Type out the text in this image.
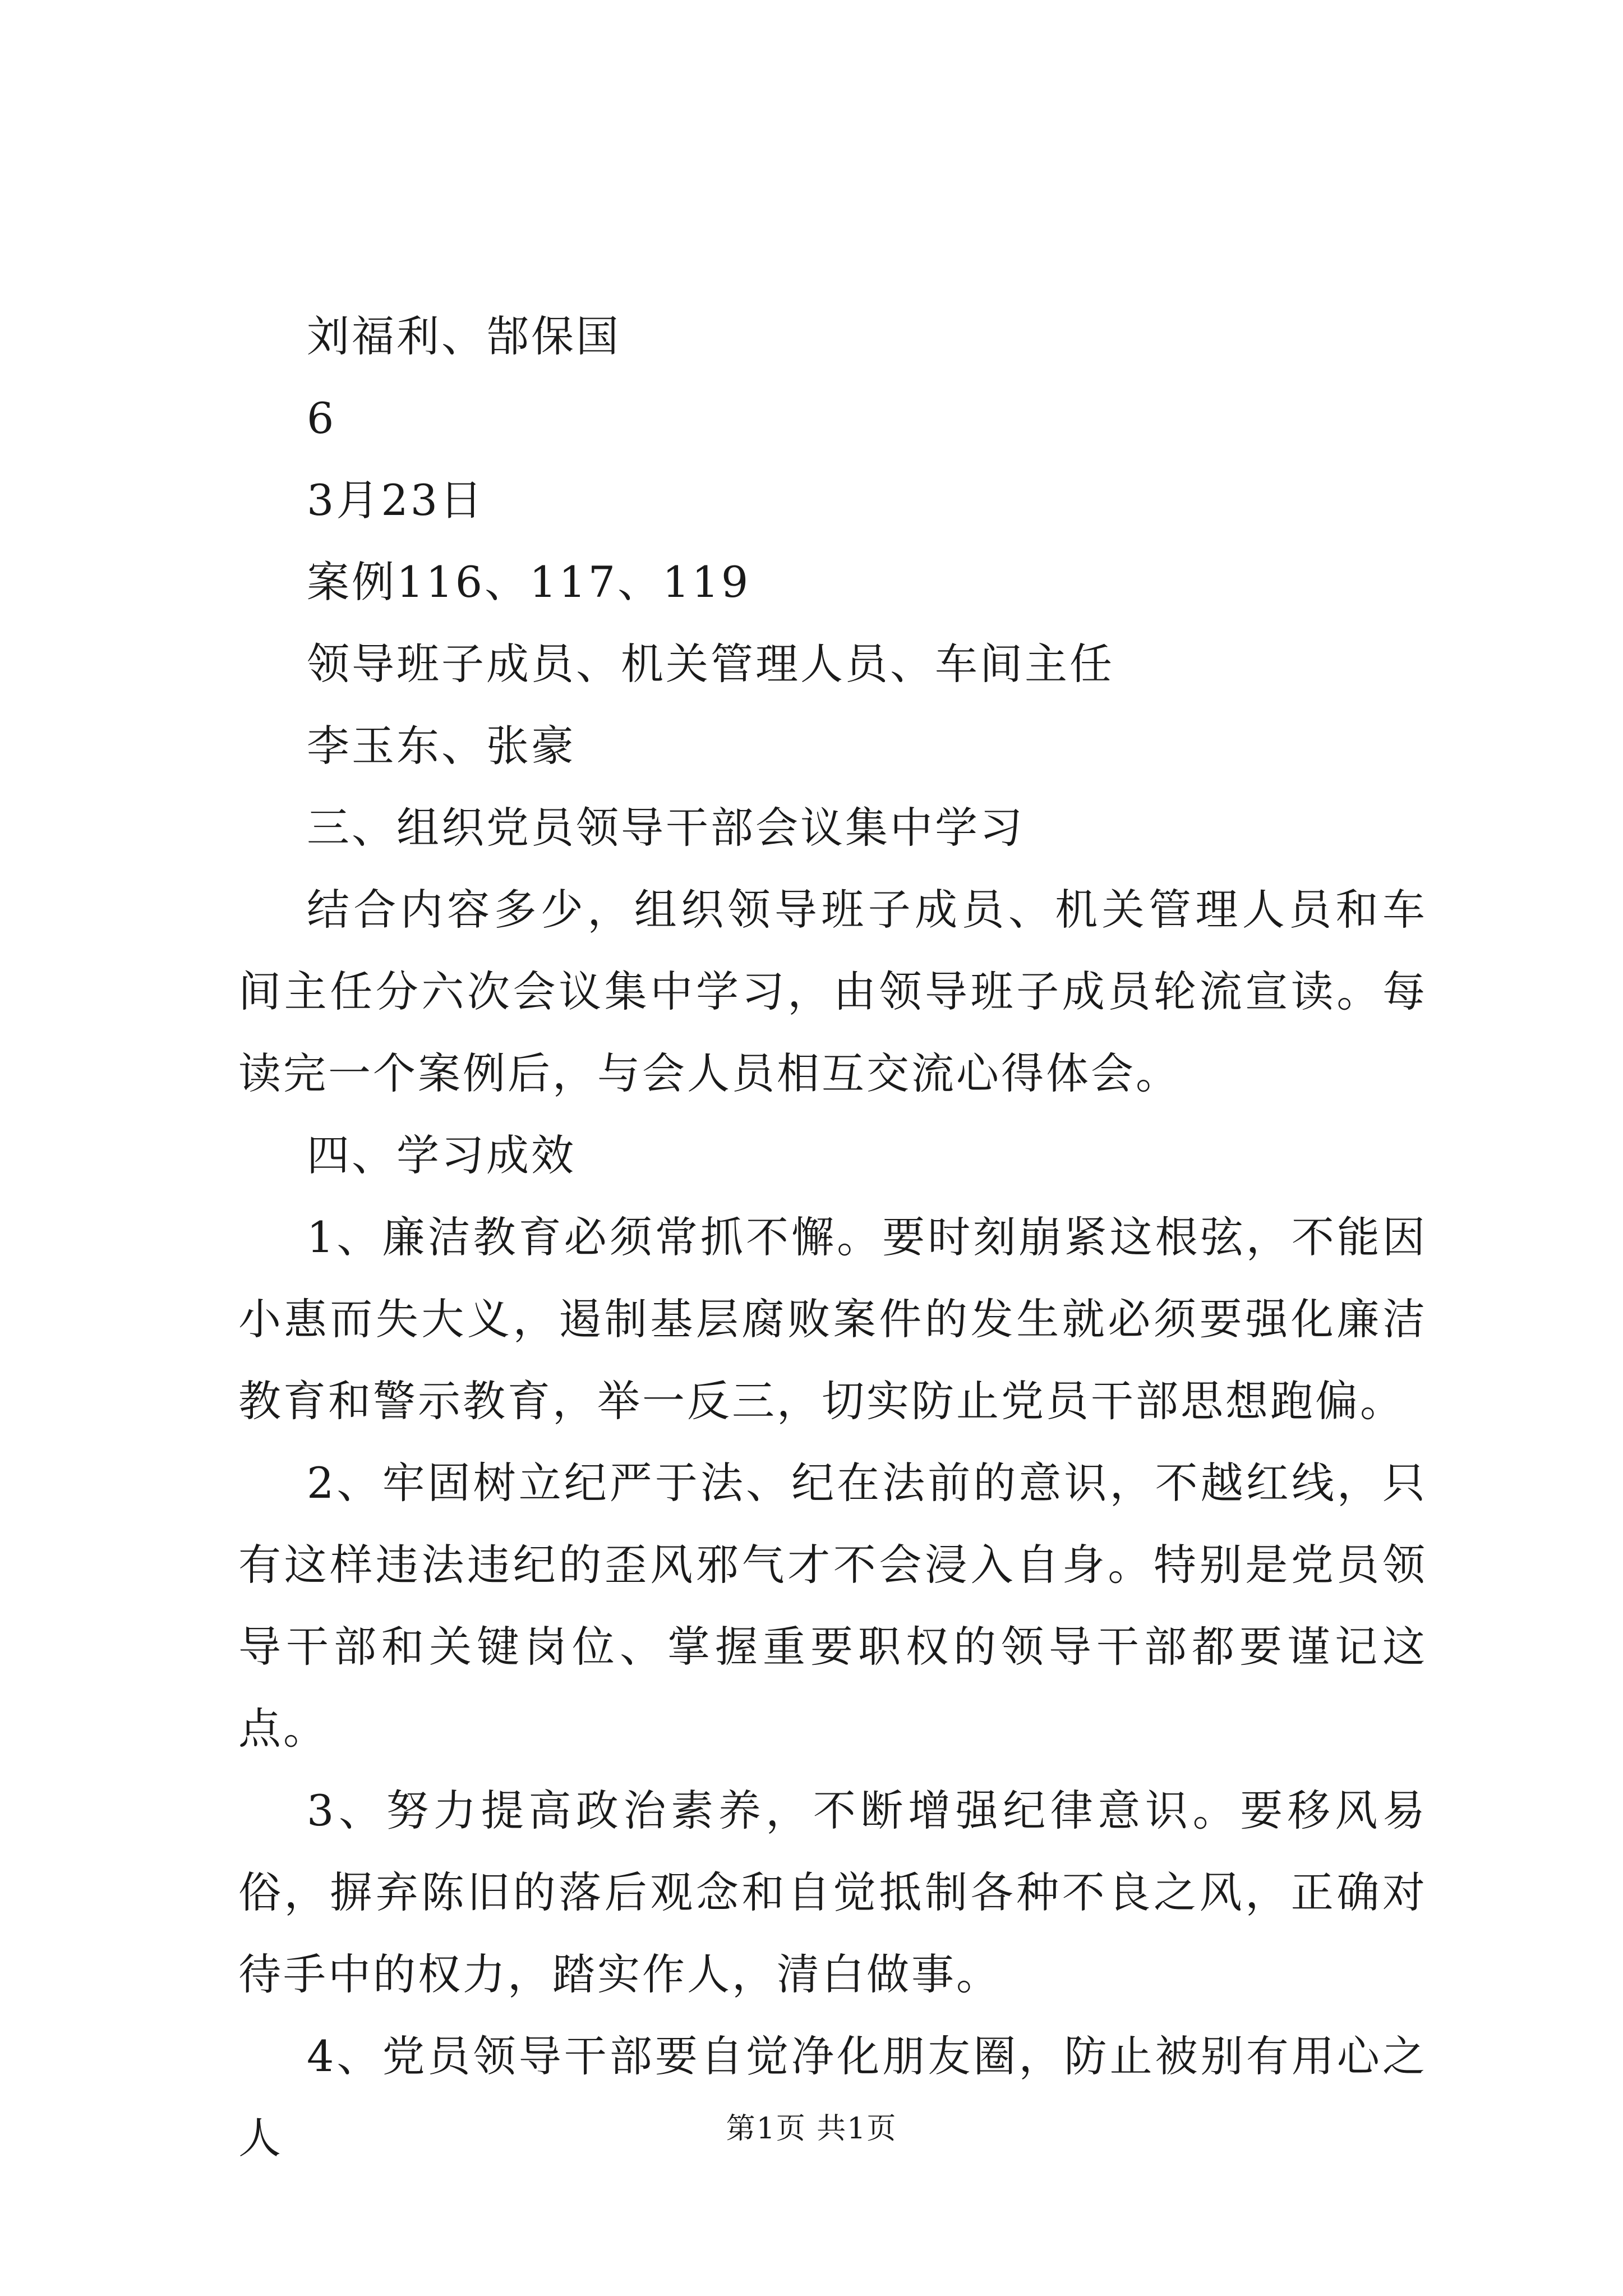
刘福利、郜保国
6
3月23日
案例116、117、119
领导班子成员、机关管理人员、车间主任
李玉东、张豪
三、组织党员领导干部会议集中学习

结合内容多少，组织领导班子成员、机关管理人员和车间主任分六次会议集中学习，由领导班子成员轮流宣读。每读完一个案例后，与会人员相互交流心得体会。

四、学习成效

1、廉洁教育必须常抓不懈。要时刻崩紧这根弦，不能因小惠而失大义，遏制基层腐败案件的发生就必须要强化廉洁教育和警示教育，举一反三，切实防止党员干部思想跑偏。

2、牢固树立纪严于法、纪在法前的意识，不越红线，只有这样违法违纪的歪风邪气才不会浸入自身。特别是党员领导干部和关键岗位、掌握重要职权的领导干部都要谨记这点。

3、努力提高政治素养，不断增强纪律意识。要移风易俗，摒弃陈旧的落后观念和自觉抵制各种不良之风，正确对待手中的权力，踏实作人，清白做事。

4、党员领导干部要自觉净化朋友圈，防止被别有用心之人	第1页 共1页
